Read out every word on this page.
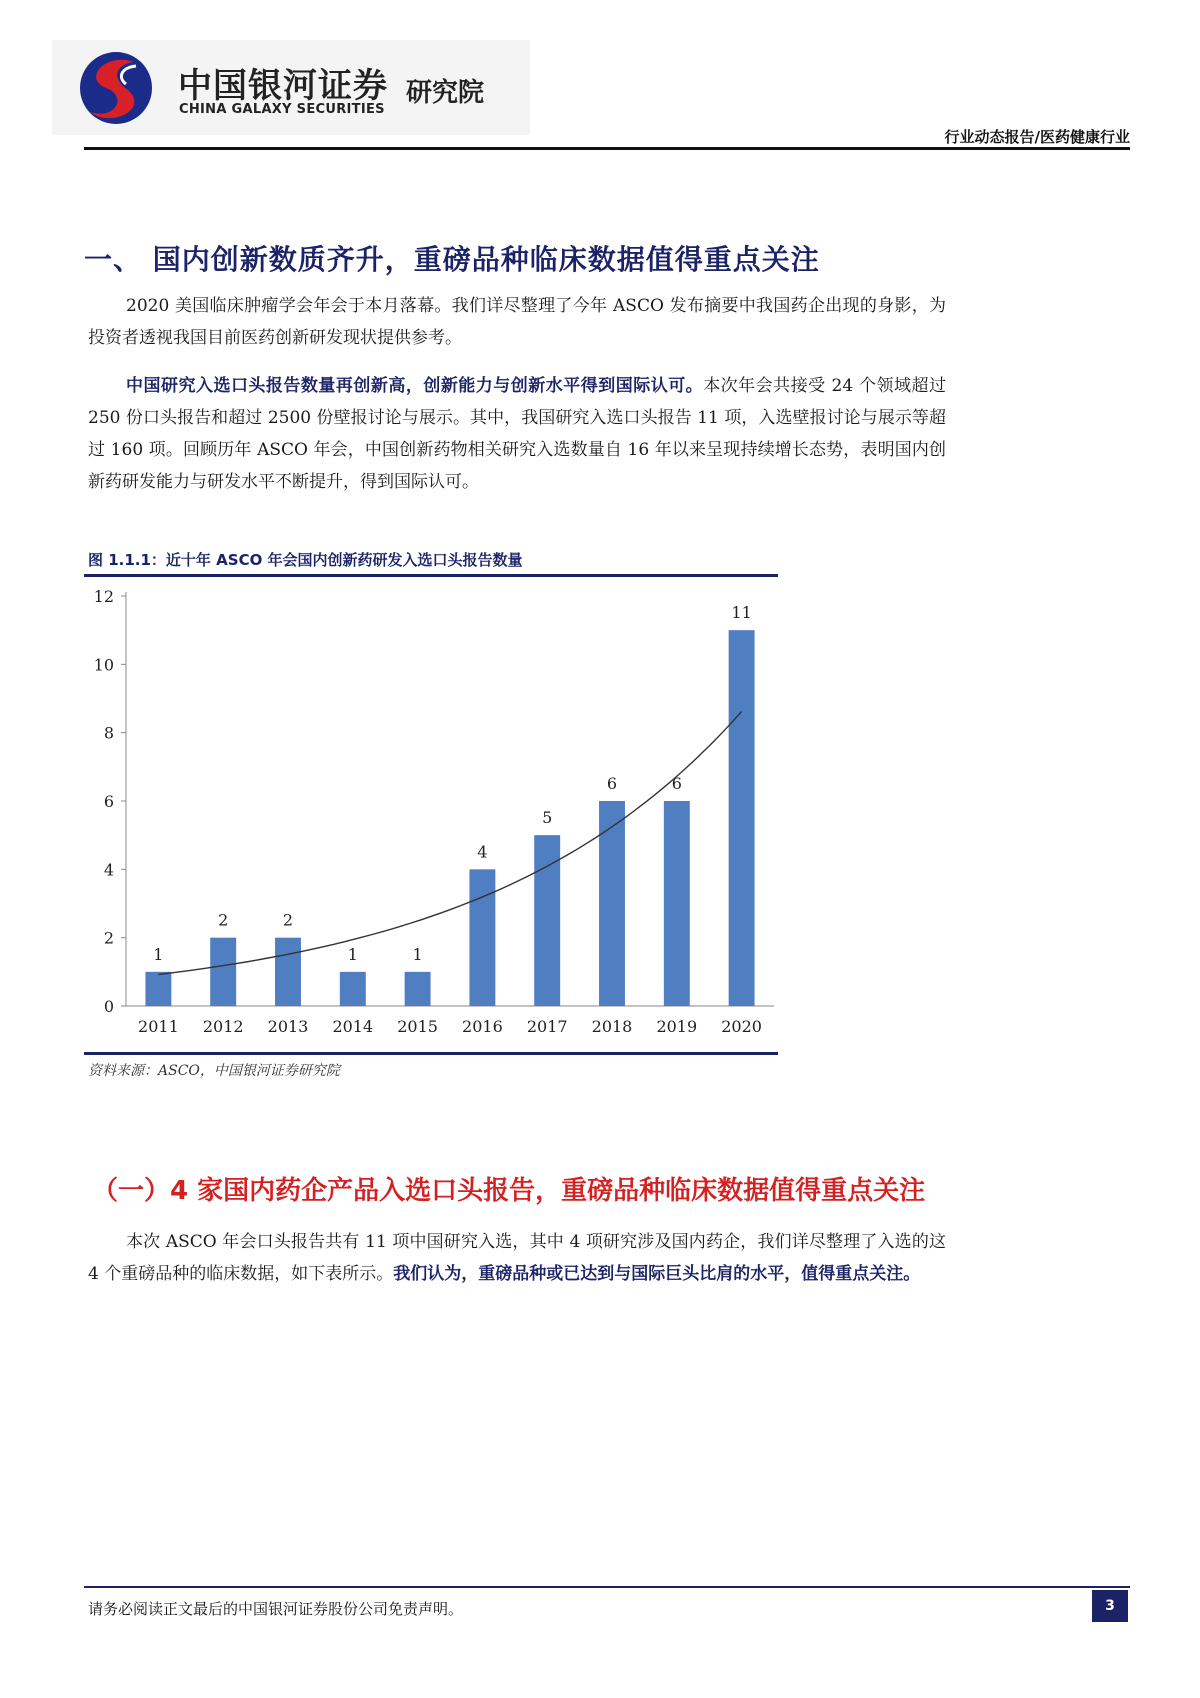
中国银河证券
CHINA GALAXY SECURITIES
研究院
行业动态报告/医药健康行业
一、 国内创新数质齐升，重磅品种临床数据值得重点关注

2020 美国临床肿瘤学会年会于本月落幕。我们详尽整理了今年 ASCO 发布摘要中我国药企出现的身影，为投资者透视我国目前医药创新研发现状提供参考。

中国研究入选口头报告数量再创新高，创新能力与创新水平得到国际认可。本次年会共接受 24 个领域超过 250 份口头报告和超过 2500 份壁报讨论与展示。其中，我国研究入选口头报告 11 项，入选壁报讨论与展示等超过 160 项。回顾历年 ASCO 年会，中国创新药物相关研究入选数量自 16 年以来呈现持续增长态势，表明国内创新药研发能力与研发水平不断提升，得到国际认可。

图 1.1.1：近十年 ASCO 年会国内创新药研发入选口头报告数量
0
2
4
6
8
10
12
1
2011
2
2012
2
2013
1
2014
1
2015
4
2016
5
2017
6
2018
6
2019
11
2020
资料来源：ASCO，中国银河证券研究院
（一）4 家国内药企产品入选口头报告，重磅品种临床数据值得重点关注

本次 ASCO 年会口头报告共有 11 项中国研究入选，其中 4 项研究涉及国内药企，我们详尽整理了入选的这 4 个重磅品种的临床数据，如下表所示。我们认为，重磅品种或已达到与国际巨头比肩的水平，值得重点关注。

请务必阅读正文最后的中国银河证券股份公司免责声明。	3
